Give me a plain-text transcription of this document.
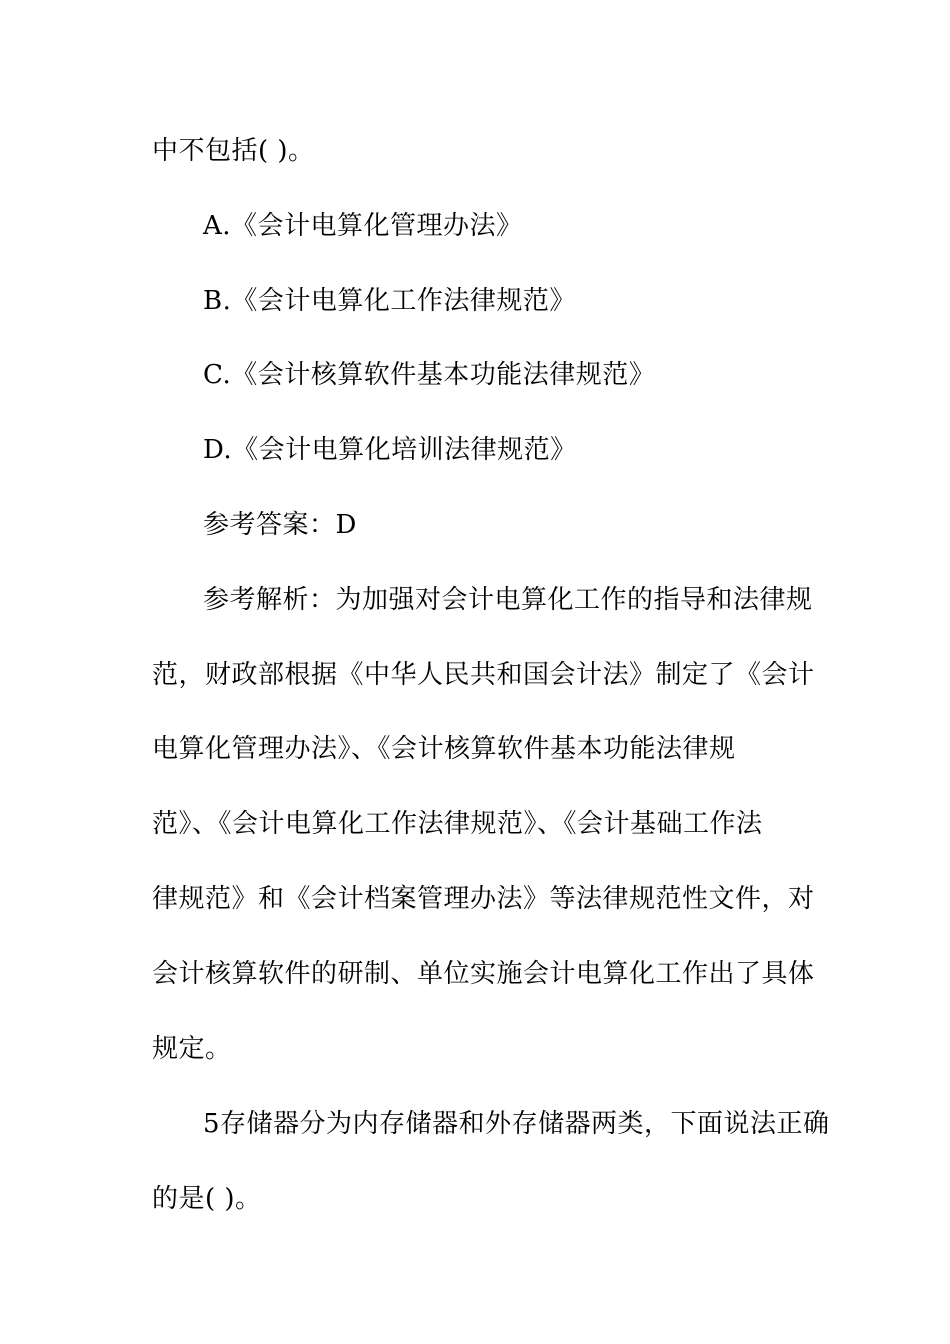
中不包括( )。
A.《会计电算化管理办法》
B.《会计电算化工作法律规范》
C.《会计核算软件基本功能法律规范》
D.《会计电算化培训法律规范》
参考答案：D
参考解析：为加强对会计电算化工作的指导和法律规
范，财政部根据《中华人民共和国会计法》制定了《会计
电算化管理办法》、《会计核算软件基本功能法律规
范》、《会计电算化工作法律规范》、《会计基础工作法
律规范》和《会计档案管理办法》等法律规范性文件，对
会计核算软件的研制、单位实施会计电算化工作出了具体
规定。
5存储器分为内存储器和外存储器两类，下面说法正确
的是( )。
